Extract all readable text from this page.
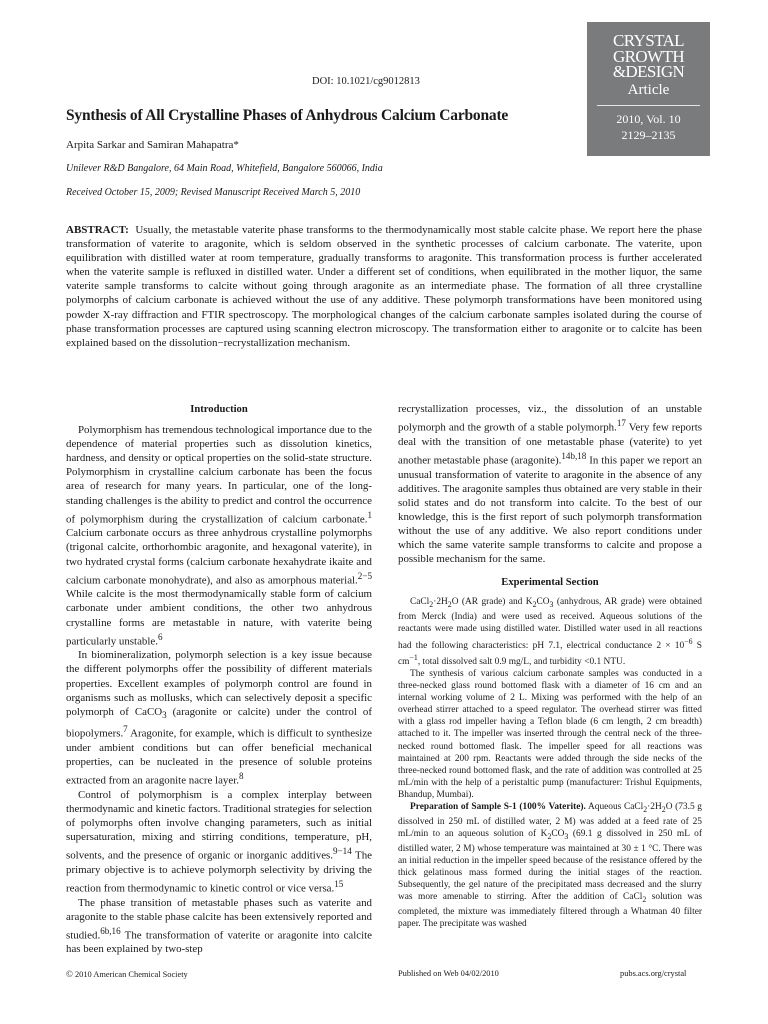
DOI: 10.1021/cg9012813
Synthesis of All Crystalline Phases of Anhydrous Calcium Carbonate
Arpita Sarkar and Samiran Mahapatra*
Unilever R&D Bangalore, 64 Main Road, Whitefield, Bangalore 560066, India
Received October 15, 2009; Revised Manuscript Received March 5, 2010
CRYSTAL
GROWTH
&DESIGN
Article
2010, Vol. 10
2129–2135
ABSTRACT: Usually, the metastable vaterite phase transforms to the thermodynamically most stable calcite phase. We report here the phase transformation of vaterite to aragonite, which is seldom observed in the synthetic processes of calcium carbonate. The vaterite, upon equilibration with distilled water at room temperature, gradually transforms to aragonite. This transformation process is further accelerated when the vaterite sample is refluxed in distilled water. Under a different set of conditions, when equilibrated in the mother liquor, the same vaterite sample transforms to calcite without going through aragonite as an intermediate phase. The formation of all three crystalline polymorphs of calcium carbonate is achieved without the use of any additive. These polymorph transformations have been monitored using powder X-ray diffraction and FTIR spectroscopy. The morphological changes of the calcium carbonate samples isolated during the course of phase transformation processes are captured using scanning electron microscopy. The transformation either to aragonite or to calcite has been explained based on the dissolution−recrystallization mechanism.

Introduction

Polymorphism has tremendous technological importance due to the dependence of material properties such as dissolution kinetics, hardness, and density or optical properties on the solid-state structure. Polymorphism in crystalline calcium carbonate has been the focus area of research for many years. In particular, one of the long-standing challenges is the ability to predict and control the occurrence of polymorphism during the crystallization of calcium carbonate.$^1$ Calcium carbonate occurs as three anhydrous crystalline polymorphs (trigonal calcite, orthorhombic aragonite, and hexagonal vaterite), in two hydrated crystal forms (calcium carbonate hexahydrate ikaite and calcium carbonate monohydrate), and also as amorphous material.$^{2-5}$ While calcite is the most thermodynamically stable form of calcium carbonate under ambient conditions, the other two anhydrous crystalline forms are metastable in nature, with vaterite being particularly unstable.$^6$

In biomineralization, polymorph selection is a key issue because the different polymorphs offer the possibility of different materials properties. Excellent examples of polymorph control are found in organisms such as mollusks, which can selectively deposit a specific polymorph of CaCO$_3$ (aragonite or calcite) under the control of biopolymers.$^7$ Aragonite, for example, which is difficult to synthesize under ambient conditions but can offer beneficial mechanical properties, can be nucleated in the presence of soluble proteins extracted from an aragonite nacre layer.$^8$

Control of polymorphism is a complex interplay between thermodynamic and kinetic factors. Traditional strategies for selection of polymorphs often involve changing parameters, such as initial supersaturation, mixing and stirring conditions, temperature, pH, solvents, and the presence of organic or inorganic additives.$^{9-14}$ The primary objective is to achieve polymorph selectivity by driving the reaction from thermodynamic to kinetic control or vice versa.$^{15}$

The phase transition of metastable phases such as vaterite and aragonite to the stable phase calcite has been extensively reported and studied.$^{6b,16}$ The transformation of vaterite or aragonite into calcite has been explained by two-step

recrystallization processes, viz., the dissolution of an unstable polymorph and the growth of a stable polymorph.$^{17}$ Very few reports deal with the transition of one metastable phase (vaterite) to yet another metastable phase (aragonite).$^{14b,18}$ In this paper we report an unusual transformation of vaterite to aragonite in the absence of any additives. The aragonite samples thus obtained are very stable in their solid states and do not transform into calcite. To the best of our knowledge, this is the first report of such polymorph transformation without the use of any additive. We also report conditions under which the same vaterite sample transforms to calcite and propose a possible mechanism for the same.

Experimental Section

$CaCl_2\cdot 2H_2O$ (AR grade) and $K_2CO_3$ (anhydrous, AR grade) were obtained from Merck (India) and were used as received. Aqueous solutions of the reactants were made using distilled water. Distilled water used in all reactions had the following characteristics: pH 7.1, electrical conductance $2 \times 10^{-6}$ S $cm^{-1}$, total dissolved salt 0.9 mg/L, and turbidity <0.1 NTU.

The synthesis of various calcium carbonate samples was conducted in a three-necked glass round bottomed flask with a diameter of 16 cm and an internal working volume of 2 L. Mixing was performed with the help of an overhead stirrer attached to a speed regulator. The overhead stirrer was fitted with a glass rod impeller having a Teflon blade (6 cm length, 2 cm breadth) attached to it. The impeller was inserted through the central neck of the three-necked round bottomed flask. The impeller speed for all reactions was maintained at 200 rpm. Reactants were added through the side necks of the three-necked round bottomed flask, and the rate of addition was controlled at 25 mL/min with the help of a peristaltic pump (manufacturer: Trishul Equipments, Bhandup, Mumbai).

Preparation of Sample S-1 (100% Vaterite). Aqueous $CaCl_2\cdot 2H_2O$ (73.5 g dissolved in 250 mL of distilled water, 2 M) was added at a feed rate of 25 mL/min to an aqueous solution of $K_2CO_3$ (69.1 g dissolved in 250 mL of distilled water, 2 M) whose temperature was maintained at 30 ± 1 °C. There was an initial reduction in the impeller speed because of the resistance offered by the thick gelatinous mass formed during the initial stages of the reaction. Subsequently, the gel nature of the precipitated mass decreased and the slurry was more amenable to stirring. After the addition of CaCl$_2$ solution was completed, the mixture was immediately filtered through a Whatman 40 filter paper. The precipitate was washed

© 2010 American Chemical Society	Published on Web 04/02/2010	pubs.acs.org/crystal
